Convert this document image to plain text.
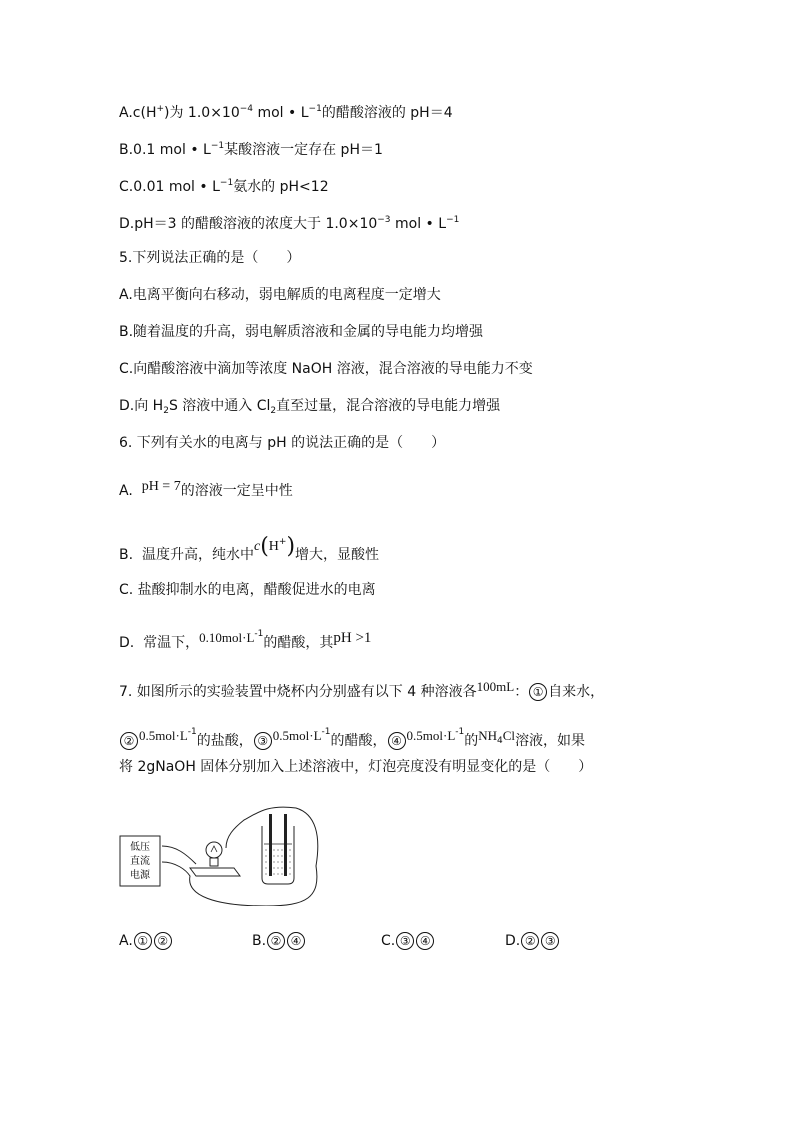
A.c(H+)为 $1.0\times 10^{-4}$ mol • $L^{-1}$的醋酸溶液的 pH＝4
B.0.1 mol • $L^{-1}$某酸溶液一定存在 pH＝1
C.0.01 mol • $L^{-1}$氨水的 pH<12
D.pH＝3 的醋酸溶液的浓度大于 $1.0\times 10^{-3}$ mol • $L^{-1}$
5.下列说法正确的是（　　）
A.电离平衡向右移动，弱电解质的电离程度一定增大
B.随着温度的升高，弱电解质溶液和金属的导电能力均增强
C.向醋酸溶液中滴加等浓度 NaOH 溶液，混合溶液的导电能力不变
D.向 $H_2S$ 溶液中通入 $Cl_2$直至过量，混合溶液的导电能力增强
6. 下列有关水的电离与 pH 的说法正确的是（　　）
A. pH = 7的溶液一定呈中性
B. 温度升高，纯水中c(H+)增大，显酸性
C. 盐酸抑制水的电离，醋酸促进水的电离
D. 常温下，$0.10mol\cdot L^{-1}$的醋酸，其pH >1
7. 如图所示的实验装置中烧杯内分别盛有以下 4 种溶液各100mL： ① 自来水，
② $0.5mol\cdot L^{-1}$的盐酸， ③ $0.5mol\cdot L^{-1}$的醋酸， ④ $0.5mol\cdot L^{-1}$的$NH_4Cl$溶液，如果
将 2gNaOH 固体分别加入上述溶液中，灯泡亮度没有明显变化的是（　　）
低压
直流
电源
A. ① ②	B. ② ④	C. ③ ④	D. ② ③
